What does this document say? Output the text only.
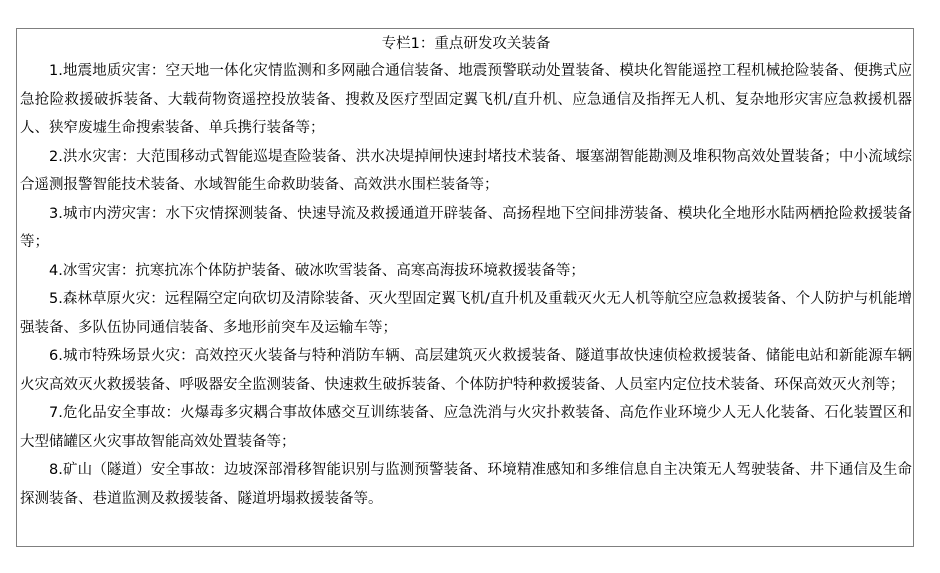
专栏1：重点研发攻关装备

1.地震地质灾害：空天地一体化灾情监测和多网融合通信装备、地震预警联动处置装备、模块化智能遥控工程机械抢险装备、便携式应急抢险救援破拆装备、大载荷物资遥控投放装备、搜救及医疗型固定翼飞机/直升机、应急通信及指挥无人机、复杂地形灾害应急救援机器人、狭窄废墟生命搜索装备、单兵携行装备等；

2.洪水灾害：大范围移动式智能巡堤查险装备、洪水决堤掉闸快速封堵技术装备、堰塞湖智能勘测及堆积物高效处置装备；中小流域综合遥测报警智能技术装备、水域智能生命救助装备、高效洪水围栏装备等；

3.城市内涝灾害：水下灾情探测装备、快速导流及救援通道开辟装备、高扬程地下空间排涝装备、模块化全地形水陆两栖抢险救援装备等；

4.冰雪灾害：抗寒抗冻个体防护装备、破冰吹雪装备、高寒高海拔环境救援装备等；

5.森林草原火灾：远程隔空定向砍切及清除装备、灭火型固定翼飞机/直升机及重载灭火无人机等航空应急救援装备、个人防护与机能增强装备、多队伍协同通信装备、多地形前突车及运输车等；

6.城市特殊场景火灾：高效控灭火装备与特种消防车辆、高层建筑灭火救援装备、隧道事故快速侦检救援装备、储能电站和新能源车辆火灾高效灭火救援装备、呼吸器安全监测装备、快速救生破拆装备、个体防护特种救援装备、人员室内定位技术装备、环保高效灭火剂等；

7.危化品安全事故：火爆毒多灾耦合事故体感交互训练装备、应急洗消与火灾扑救装备、高危作业环境少人无人化装备、石化装置区和大型储罐区火灾事故智能高效处置装备等；

8.矿山（隧道）安全事故：边坡深部滑移智能识别与监测预警装备、环境精准感知和多维信息自主决策无人驾驶装备、井下通信及生命探测装备、巷道监测及救援装备、隧道坍塌救援装备等。
